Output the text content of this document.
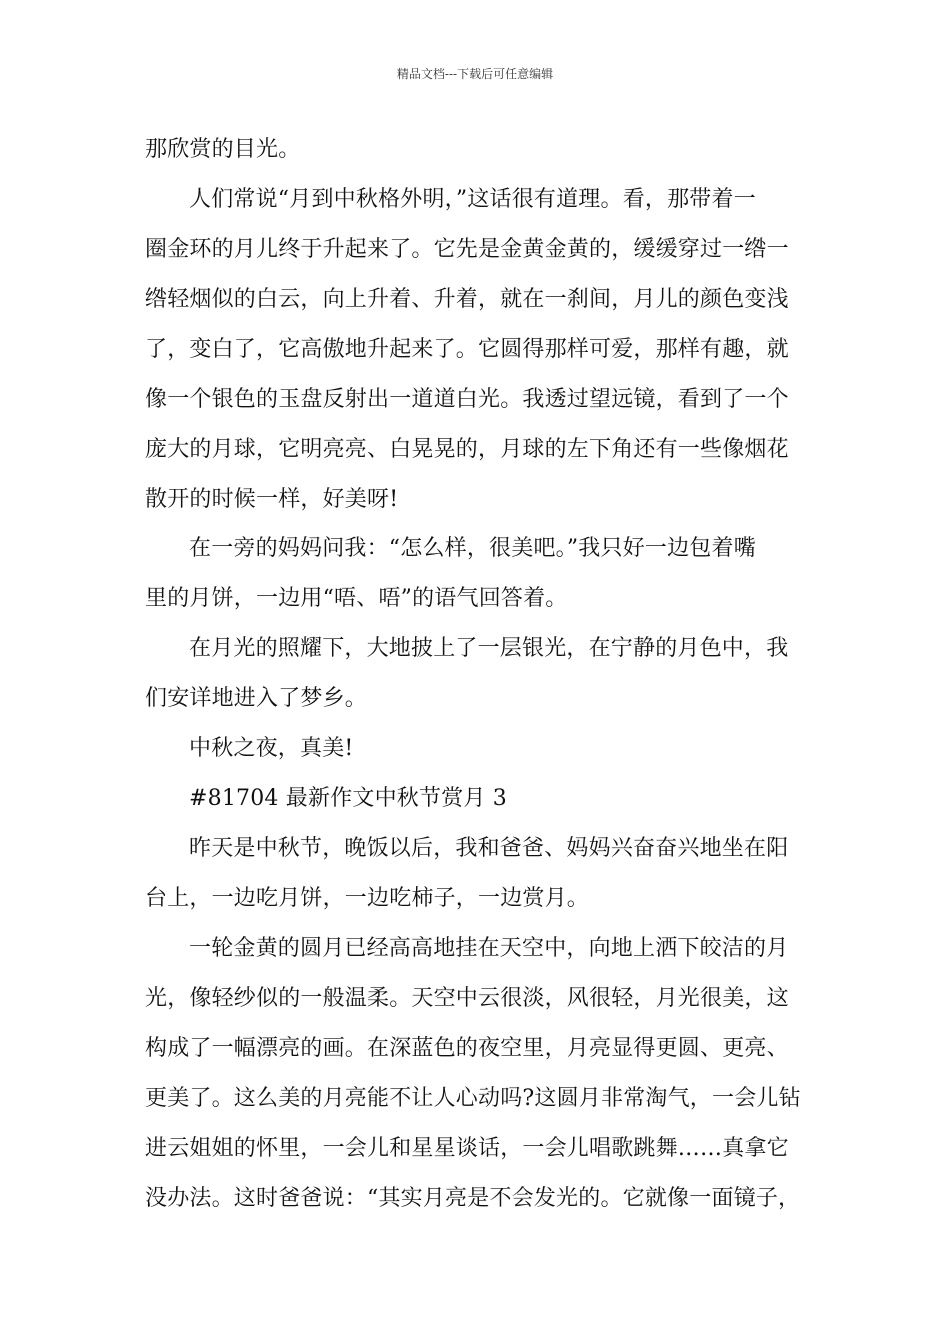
精品文档---下载后可任意编辑
那欣赏的目光。
人们常说“月到中秋格外明，”这话很有道理。看，那带着一
圈金环的月儿终于升起来了。它先是金黄金黄的，缓缓穿过一绺一
绺轻烟似的白云，向上升着、升着，就在一刹间，月儿的颜色变浅
了，变白了，它高傲地升起来了。它圆得那样可爱，那样有趣，就
像一个银色的玉盘反射出一道道白光。我透过望远镜，看到了一个
庞大的月球，它明亮亮、白晃晃的，月球的左下角还有一些像烟花
散开的时候一样，好美呀!
在一旁的妈妈问我：“怎么样，很美吧。”我只好一边包着嘴
里的月饼，一边用“唔、唔”的语气回答着。
在月光的照耀下，大地披上了一层银光，在宁静的月色中，我
们安详地进入了梦乡。
中秋之夜，真美!
#81704 最新作文中秋节赏月 3
昨天是中秋节，晚饭以后，我和爸爸、妈妈兴奋奋兴地坐在阳
台上，一边吃月饼，一边吃柿子，一边赏月。
一轮金黄的圆月已经高高地挂在天空中，向地上洒下皎洁的月
光，像轻纱似的一般温柔。天空中云很淡，风很轻，月光很美，这
构成了一幅漂亮的画。在深蓝色的夜空里，月亮显得更圆、更亮、
更美了。这么美的月亮能不让人心动吗?这圆月非常淘气，一会儿钻
进云姐姐的怀里，一会儿和星星谈话，一会儿唱歌跳舞……真拿它
没办法。这时爸爸说：“其实月亮是不会发光的。它就像一面镜子，
